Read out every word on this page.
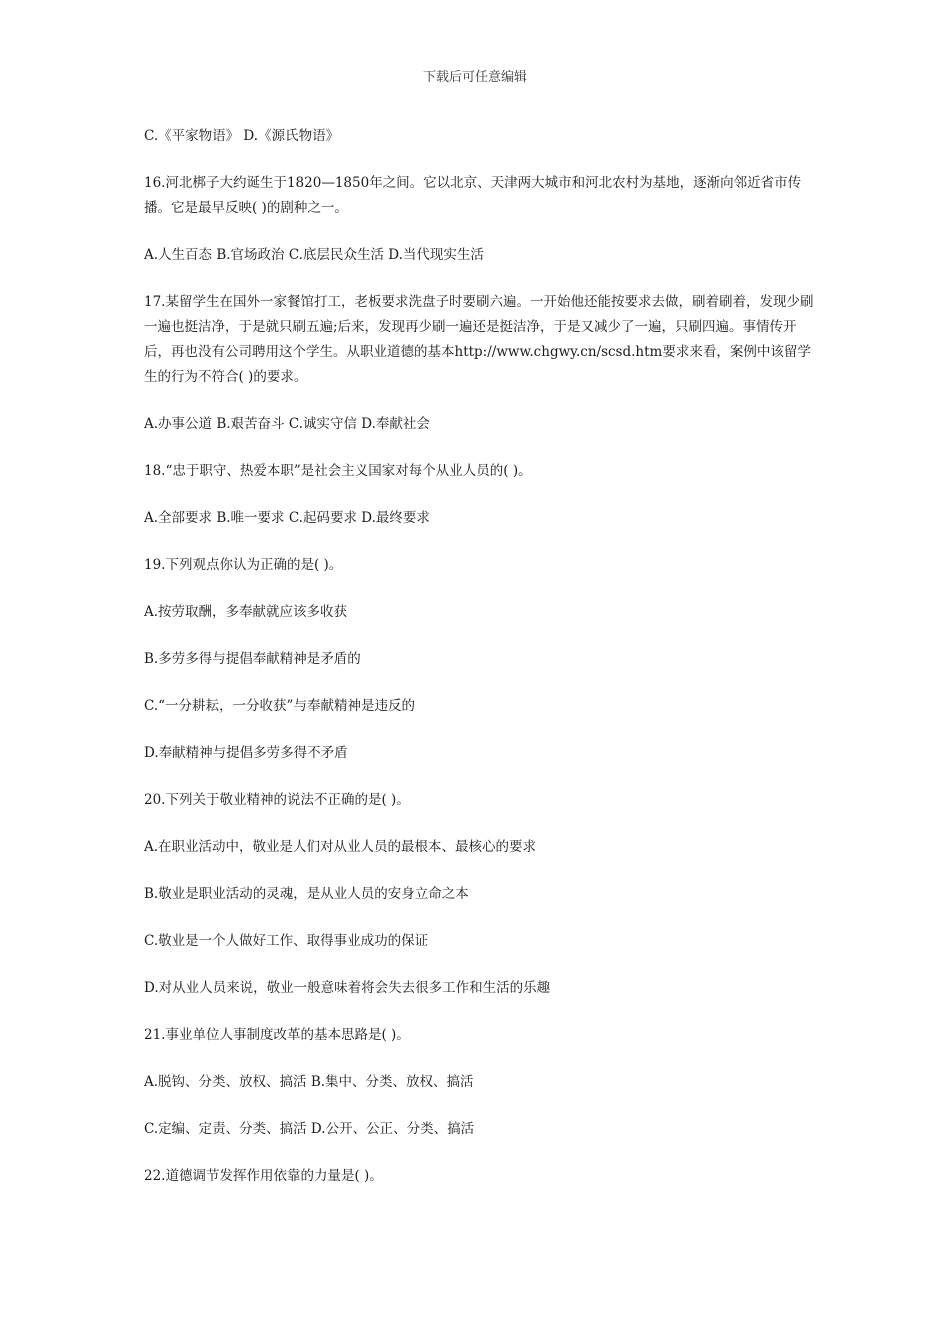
下载后可任意编辑

C.《平家物语》 D.《源氏物语》

16.河北梆子大约诞生于1820—1850年之间。它以北京、天津两大城市和河北农村为基地，逐渐向邻近省市传播。它是最早反映( )的剧种之一。

A.人生百态 B.官场政治 C.底层民众生活 D.当代现实生活

17.某留学生在国外一家餐馆打工，老板要求洗盘子时要刷六遍。一开始他还能按要求去做，刷着刷着，发现少刷一遍也挺洁净，于是就只刷五遍;后来，发现再少刷一遍还是挺洁净，于是又减少了一遍，只刷四遍。事情传开后，再也没有公司聘用这个学生。从职业道德的基本http://www.chgwy.cn/scsd.htm要求来看，案例中该留学生的行为不符合( )的要求。

A.办事公道 B.艰苦奋斗 C.诚实守信 D.奉献社会

18.“忠于职守、热爱本职”是社会主义国家对每个从业人员的( )。

A.全部要求 B.唯一要求 C.起码要求 D.最终要求

19.下列观点你认为正确的是( )。

A.按劳取酬，多奉献就应该多收获

B.多劳多得与提倡奉献精神是矛盾的

C.“一分耕耘，一分收获”与奉献精神是违反的

D.奉献精神与提倡多劳多得不矛盾

20.下列关于敬业精神的说法不正确的是( )。

A.在职业活动中，敬业是人们对从业人员的最根本、最核心的要求

B.敬业是职业活动的灵魂，是从业人员的安身立命之本

C.敬业是一个人做好工作、取得事业成功的保证

D.对从业人员来说，敬业一般意味着将会失去很多工作和生活的乐趣

21.事业单位人事制度改革的基本思路是( )。

A.脱钩、分类、放权、搞活 B.集中、分类、放权、搞活

C.定编、定责、分类、搞活 D.公开、公正、分类、搞活

22.道德调节发挥作用依靠的力量是( )。
